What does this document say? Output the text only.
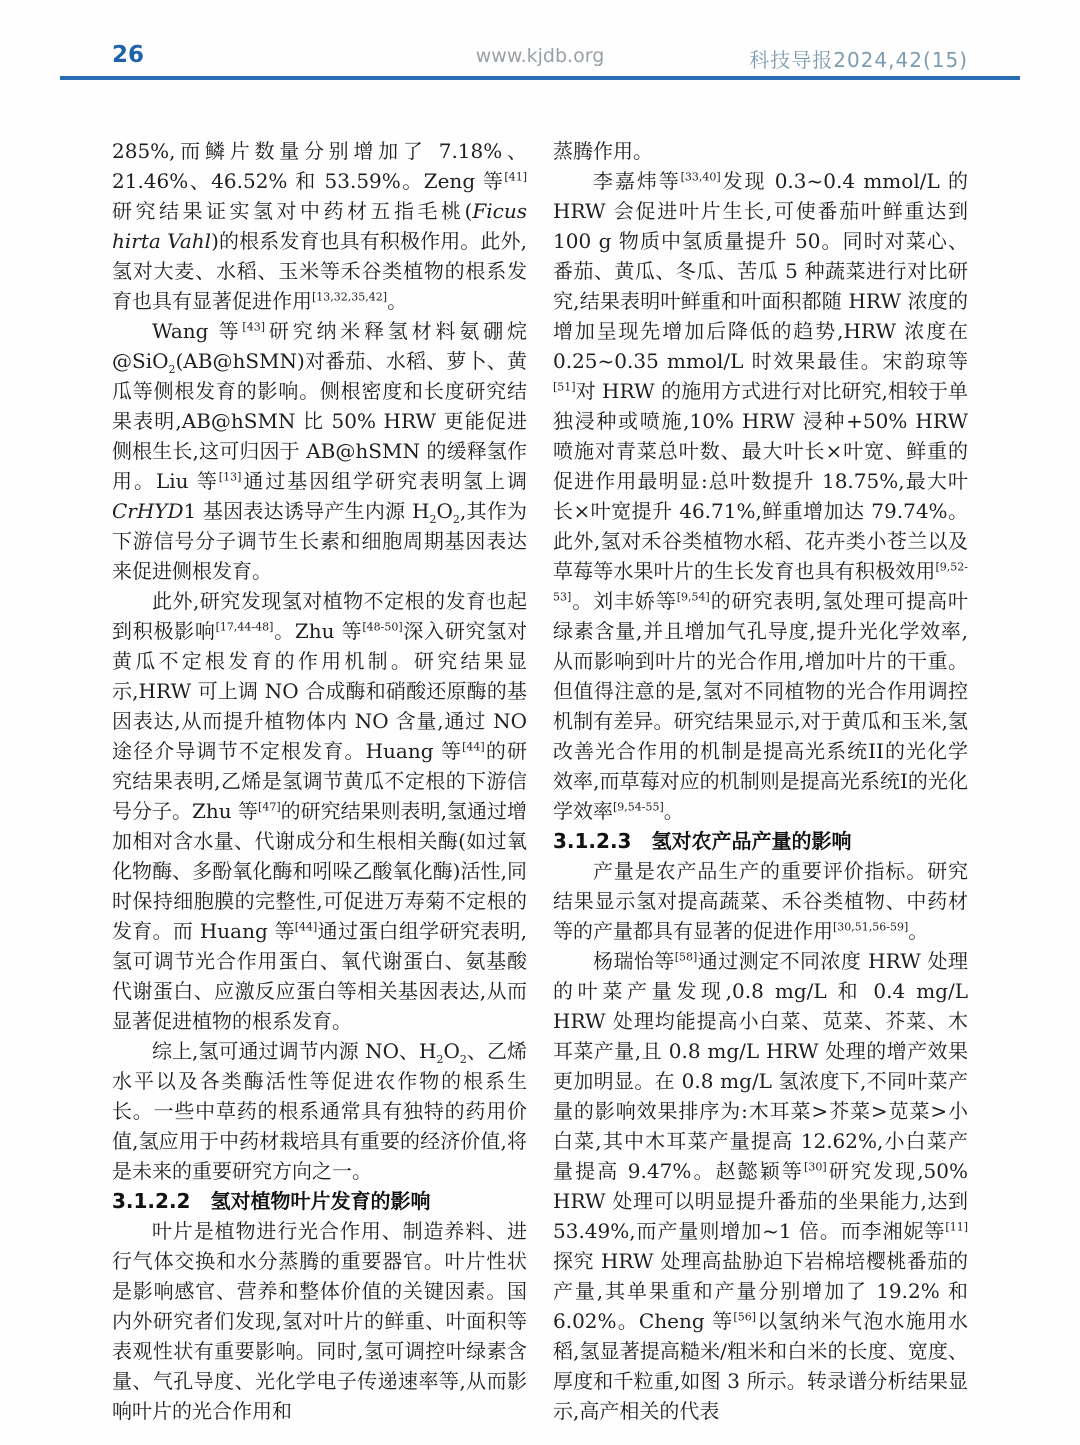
26	www.kjdb.org	科技导报2024,42(15)
285%,而鳞片数量分别增加了 7.18%、21.46%、46.52% 和 53.59%。Zeng 等[41]研究结果证实氢对中药材五指毛桃(Ficus hirta Vahl)的根系发育也具有积极作用。此外,氢对大麦、水稻、玉米等禾谷类植物的根系发育也具有显著促进作用[13,32,35,42]。
Wang 等[43]研究纳米释氢材料氨硼烷@SiO$_2$(AB@hSMN)对番茄、水稻、萝卜、黄瓜等侧根发育的影响。侧根密度和长度研究结果表明,AB@hSMN 比 50% HRW 更能促进侧根生长,这可归因于 AB@hSMN 的缓释氢作用。Liu 等[13]通过基因组学研究表明氢上调 CrHYD1 基因表达诱导产生内源 $H_2O_2$,其作为下游信号分子调节生长素和细胞周期基因表达来促进侧根发育。
此外,研究发现氢对植物不定根的发育也起到积极影响[17,44-48]。Zhu 等[48-50]深入研究氢对黄瓜不定根发育的作用机制。研究结果显示,HRW 可上调 NO 合成酶和硝酸还原酶的基因表达,从而提升植物体内 NO 含量,通过 NO 途径介导调节不定根发育。Huang 等[44]的研究结果表明,乙烯是氢调节黄瓜不定根的下游信号分子。Zhu 等[47]的研究结果则表明,氢通过增加相对含水量、代谢成分和生根相关酶(如过氧化物酶、多酚氧化酶和吲哚乙酸氧化酶)活性,同时保持细胞膜的完整性,可促进万寿菊不定根的发育。而 Huang 等[44]通过蛋白组学研究表明,氢可调节光合作用蛋白、氧代谢蛋白、氨基酸代谢蛋白、应激反应蛋白等相关基因表达,从而显著促进植物的根系发育。
综上,氢可通过调节内源 NO、$H_2O_2$、乙烯水平以及各类酶活性等促进农作物的根系生长。一些中草药的根系通常具有独特的药用价值,氢应用于中药材栽培具有重要的经济价值,将是未来的重要研究方向之一。
3.1.2.2　氢对植物叶片发育的影响
叶片是植物进行光合作用、制造养料、进行气体交换和水分蒸腾的重要器官。叶片性状是影响感官、营养和整体价值的关键因素。国内外研究者们发现,氢对叶片的鲜重、叶面积等表观性状有重要影响。同时,氢可调控叶绿素含量、气孔导度、光化学电子传递速率等,从而影响叶片的光合作用和
蒸腾作用。
李嘉炜等[33,40]发现 0.3~0.4 mmol/L 的 HRW 会促进叶片生长,可使番茄叶鲜重达到 100 g 物质中氢质量提升 50。同时对菜心、番茄、黄瓜、冬瓜、苦瓜 5 种蔬菜进行对比研究,结果表明叶鲜重和叶面积都随 HRW 浓度的增加呈现先增加后降低的趋势,HRW 浓度在 0.25~0.35 mmol/L 时效果最佳。宋韵琼等[51]对 HRW 的施用方式进行对比研究,相较于单独浸种或喷施,10% HRW 浸种+50% HRW 喷施对青菜总叶数、最大叶长×叶宽、鲜重的促进作用最明显:总叶数提升 18.75%,最大叶长×叶宽提升 46.71%,鲜重增加达 79.74%。此外,氢对禾谷类植物水稻、花卉类小苍兰以及草莓等水果叶片的生长发育也具有积极效用[9,52-53]。刘丰娇等[9,54]的研究表明,氢处理可提高叶绿素含量,并且增加气孔导度,提升光化学效率,从而影响到叶片的光合作用,增加叶片的干重。但值得注意的是,氢对不同植物的光合作用调控机制有差异。研究结果显示,对于黄瓜和玉米,氢改善光合作用的机制是提高光系统II的光化学效率,而草莓对应的机制则是提高光系统I的光化学效率[9,54-55]。
3.1.2.3　氢对农产品产量的影响
产量是农产品生产的重要评价指标。研究结果显示氢对提高蔬菜、禾谷类植物、中药材等的产量都具有显著的促进作用[30,51,56-59]。
杨瑞怡等[58]通过测定不同浓度 HRW 处理的叶菜产量发现,0.8 mg/L 和 0.4 mg/L HRW 处理均能提高小白菜、苋菜、芥菜、木耳菜产量,且 0.8 mg/L HRW 处理的增产效果更加明显。在 0.8 mg/L 氢浓度下,不同叶菜产量的影响效果排序为:木耳菜>芥菜>苋菜>小白菜,其中木耳菜产量提高 12.62%,小白菜产量提高 9.47%。赵懿颖等[30]研究发现,50% HRW 处理可以明显提升番茄的坐果能力,达到 53.49%,而产量则增加~1 倍。而李湘妮等[11]探究 HRW 处理高盐胁迫下岩棉培樱桃番茄的产量,其单果重和产量分别增加了 19.2% 和 6.02%。Cheng 等[56]以氢纳米气泡水施用水稻,氢显著提高糙米/粗米和白米的长度、宽度、厚度和千粒重,如图 3 所示。转录谱分析结果显示,高产相关的代表
